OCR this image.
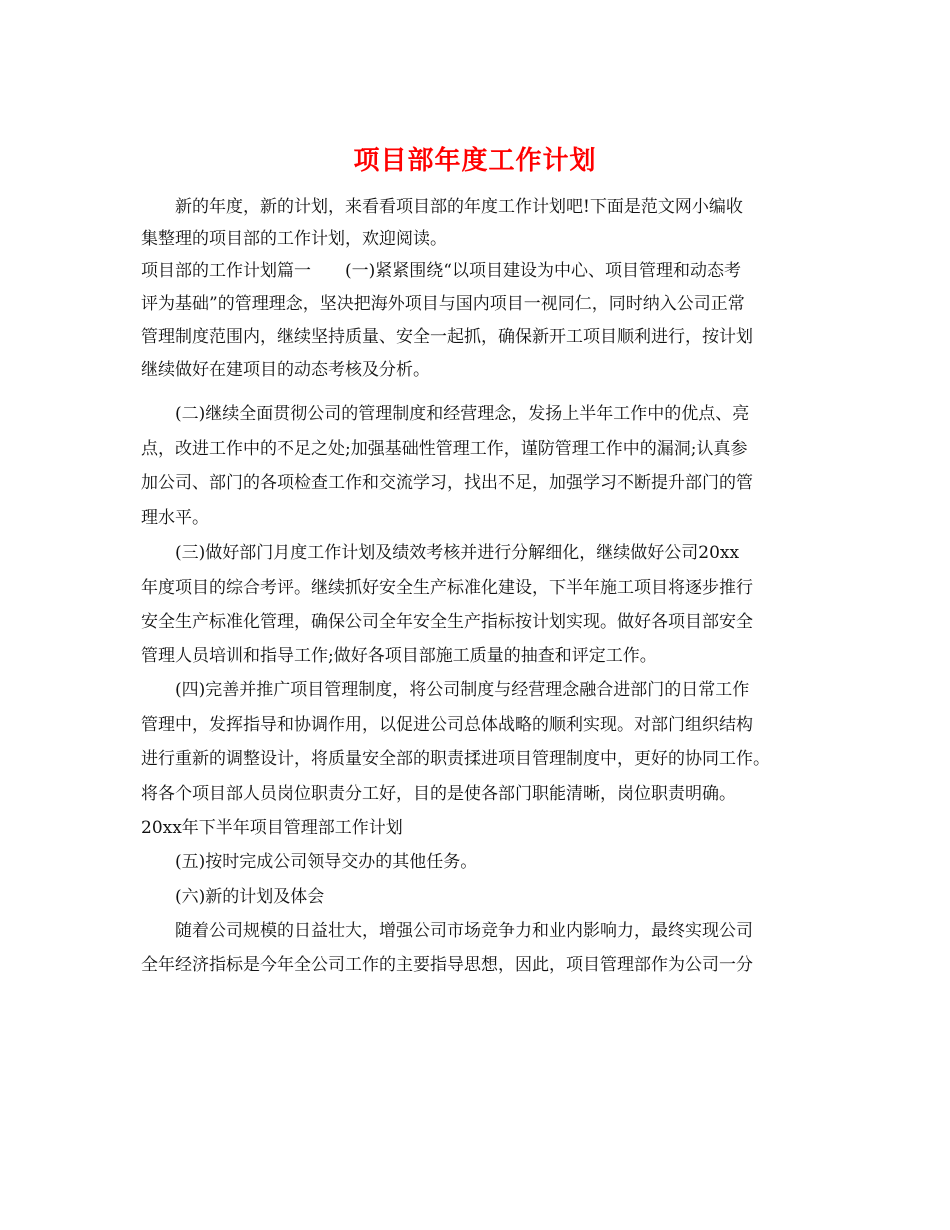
项目部年度工作计划
　　新的年度，新的计划，来看看项目部的年度工作计划吧!下面是范文网小编收
集整理的项目部的工作计划，欢迎阅读。
项目部的工作计划篇一　　(一)紧紧围绕“以项目建设为中心、项目管理和动态考
评为基础”的管理理念，坚决把海外项目与国内项目一视同仁，同时纳入公司正常
管理制度范围内，继续坚持质量、安全一起抓，确保新开工项目顺利进行，按计划
继续做好在建项目的动态考核及分析。
　　(二)继续全面贯彻公司的管理制度和经营理念，发扬上半年工作中的优点、亮
点，改进工作中的不足之处;加强基础性管理工作，谨防管理工作中的漏洞;认真参
加公司、部门的各项检查工作和交流学习，找出不足，加强学习不断提升部门的管
理水平。
　　(三)做好部门月度工作计划及绩效考核并进行分解细化，继续做好公司20xx
年度项目的综合考评。继续抓好安全生产标准化建设，下半年施工项目将逐步推行
安全生产标准化管理，确保公司全年安全生产指标按计划实现。做好各项目部安全
管理人员培训和指导工作;做好各项目部施工质量的抽查和评定工作。
　　(四)完善并推广项目管理制度，将公司制度与经营理念融合进部门的日常工作
管理中，发挥指导和协调作用，以促进公司总体战略的顺利实现。对部门组织结构
进行重新的调整设计，将质量安全部的职责揉进项目管理制度中，更好的协同工作。
将各个项目部人员岗位职责分工好，目的是使各部门职能清晰，岗位职责明确。
20xx年下半年项目管理部工作计划
　　(五)按时完成公司领导交办的其他任务。
　　(六)新的计划及体会
　　随着公司规模的日益壮大，增强公司市场竞争力和业内影响力，最终实现公司
全年经济指标是今年全公司工作的主要指导思想，因此，项目管理部作为公司一分
